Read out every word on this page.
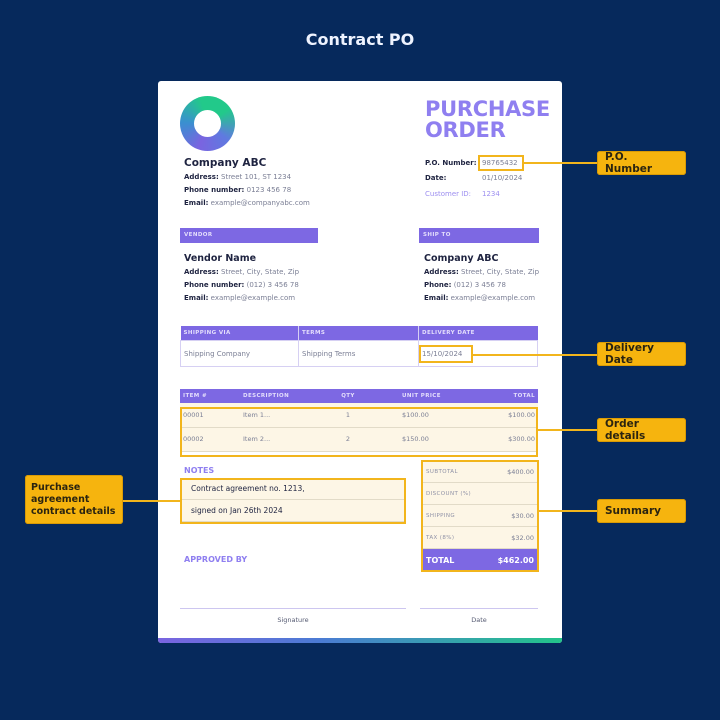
Contract PO
Company ABC
Address: Street 101, ST 1234
Phone number: 0123 456 78
Email: example@companyabc.com
PURCHASE
ORDER
P.O. Number: 98765432
Date:	01/10/2024
Customer ID: 1234
VENDOR
Vendor Name
Address: Street, City, State, Zip
Phone number: (012) 3 456 78
Email: example@example.com
SHIP TO
Company ABC
Address: Street, City, State, Zip
Phone: (012) 3 456 78
Email: example@example.com
SHIPPING VIA	TERMS	DELIVERY DATE
Shipping Company	Shipping Terms	15/10/2024
ITEM #	DESCRIPTION	QTY	UNIT PRICE	TOTAL
00001	Item 1...	1	$100.00	$100.00
00002	Item 2...	2	$150.00	$300.00
NOTES
Contract agreement no. 1213,
signed on Jan 26th 2024
APPROVED BY
SUBTOTAL	$400.00
DISCOUNT (%)
SHIPPING	$30.00
TAX (8%)	$32.00
TOTAL	$462.00
Signature	Date
P.O. Number
Delivery Date
Order details
Summary
Purchase agreement contract details
